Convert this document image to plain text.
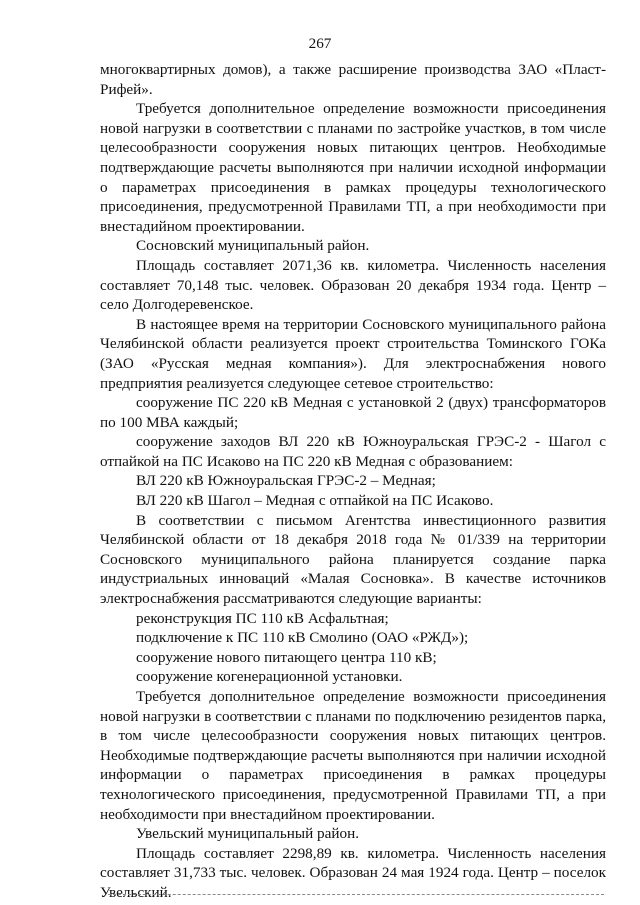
267

многоквартирных домов), а также расширение производства ЗАО «Пласт-Рифей».

Требуется дополнительное определение возможности присоединения новой нагрузки в соответствии с планами по застройке участков, в том числе целесообразности сооружения новых питающих центров. Необходимые подтверждающие расчеты выполняются при наличии исходной информации о параметрах присоединения в рамках процедуры технологического присоединения, предусмотренной Правилами ТП, а при необходимости при внестадийном проектировании.

Сосновский муниципальный район.

Площадь составляет 2071,36 кв. километра. Численность населения составляет 70,148 тыс. человек. Образован 20 декабря 1934 года. Центр – село Долгодеревенское.

В настоящее время на территории Сосновского муниципального района Челябинской области реализуется проект строительства Томинского ГОКа (ЗАО «Русская медная компания»). Для электроснабжения нового предприятия реализуется следующее сетевое строительство:

сооружение ПС 220 кВ Медная с установкой 2 (двух) трансформаторов по 100 МВА каждый;

сооружение заходов ВЛ 220 кВ Южноуральская ГРЭС-2 - Шагол с отпайкой на ПС Исаково на ПС 220 кВ Медная с образованием:

ВЛ 220 кВ Южноуральская ГРЭС-2 – Медная;

ВЛ 220 кВ Шагол – Медная с отпайкой на ПС Исаково.

В соответствии с письмом Агентства инвестиционного развития Челябинской области от 18 декабря 2018 года № 01/339 на территории Сосновского муниципального района планируется создание парка индустриальных инноваций «Малая Сосновка». В качестве источников электроснабжения рассматриваются следующие варианты:

реконструкция ПС 110 кВ Асфальтная;

подключение к ПС 110 кВ Смолино (ОАО «РЖД»);

сооружение нового питающего центра 110 кВ;

сооружение когенерационной установки.

Требуется дополнительное определение возможности присоединения новой нагрузки в соответствии с планами по подключению резидентов парка, в том числе целесообразности сооружения новых питающих центров. Необходимые подтверждающие расчеты выполняются при наличии исходной информации о параметрах присоединения в рамках процедуры технологического присоединения, предусмотренной Правилами ТП, а при необходимости при внестадийном проектировании.

Увельский муниципальный район.

Площадь составляет 2298,89 кв. километра. Численность населения составляет 31,733 тыс. человек. Образован 24 мая 1924 года. Центр – поселок Увельский.
